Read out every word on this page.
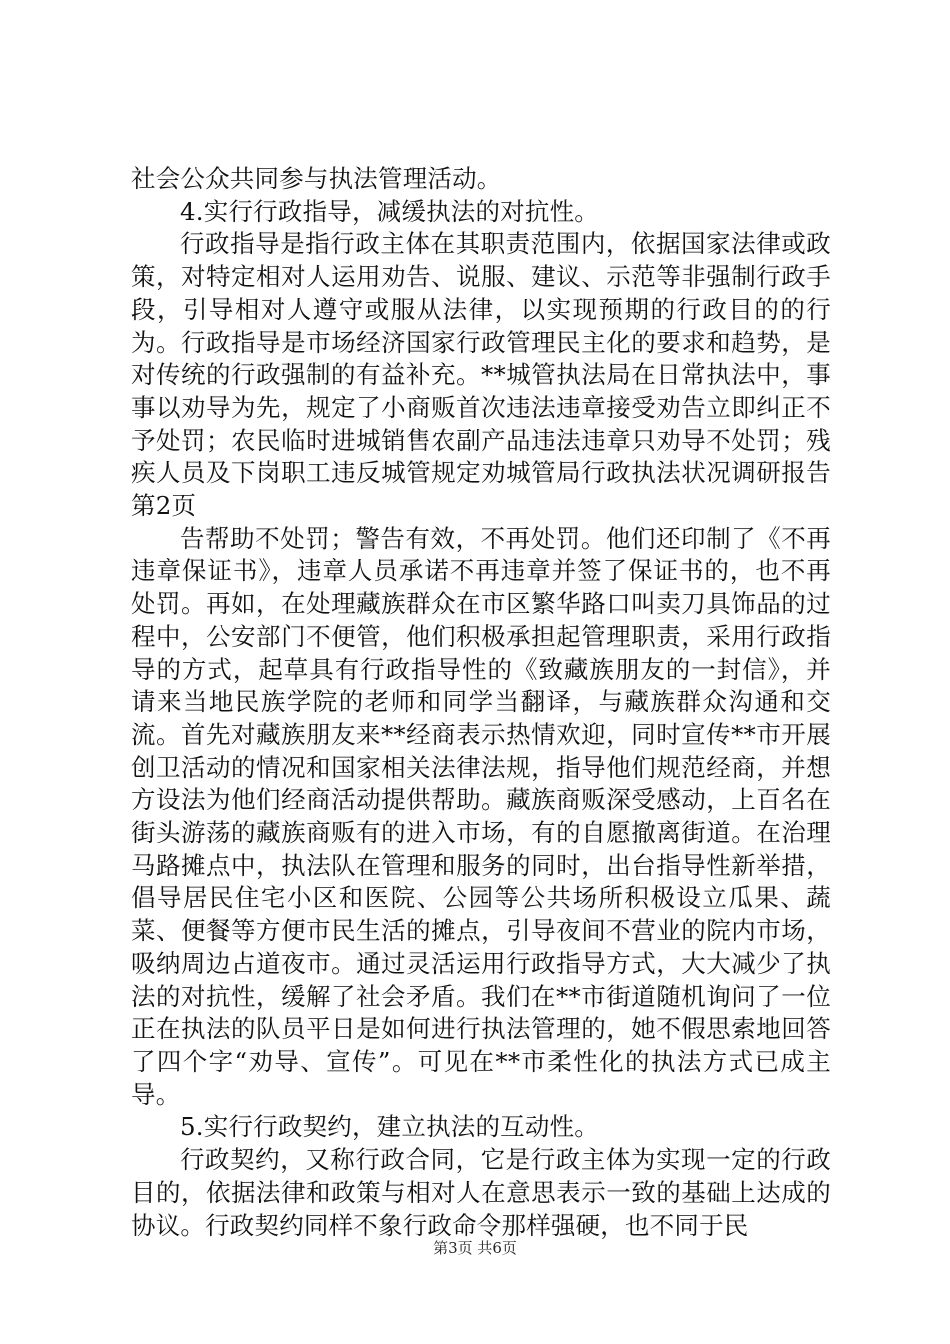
社会公众共同参与执法管理活动。

4.实行行政指导，减缓执法的对抗性。

行政指导是指行政主体在其职责范围内，依据国家法律或政策，对特定相对人运用劝告、说服、建议、示范等非强制行政手段，引导相对人遵守或服从法律，以实现预期的行政目的的行为。行政指导是市场经济国家行政管理民主化的要求和趋势，是对传统的行政强制的有益补充。**城管执法局在日常执法中，事事以劝导为先，规定了小商贩首次违法违章接受劝告立即纠正不予处罚；农民临时进城销售农副产品违法违章只劝导不处罚；残疾人员及下岗职工违反城管规定劝城管局行政执法状况调研报告第2页

告帮助不处罚；警告有效，不再处罚。他们还印制了《不再违章保证书》，违章人员承诺不再违章并签了保证书的，也不再处罚。再如，在处理藏族群众在市区繁华路口叫卖刀具饰品的过程中，公安部门不便管，他们积极承担起管理职责，采用行政指导的方式，起草具有行政指导性的《致藏族朋友的一封信》，并请来当地民族学院的老师和同学当翻译，与藏族群众沟通和交流。首先对藏族朋友来**经商表示热情欢迎，同时宣传**市开展创卫活动的情况和国家相关法律法规，指导他们规范经商，并想方设法为他们经商活动提供帮助。藏族商贩深受感动，上百名在街头游荡的藏族商贩有的进入市场，有的自愿撤离街道。在治理马路摊点中，执法队在管理和服务的同时，出台指导性新举措，倡导居民住宅小区和医院、公园等公共场所积极设立瓜果、蔬菜、便餐等方便市民生活的摊点，引导夜间不营业的院内市场，吸纳周边占道夜市。通过灵活运用行政指导方式，大大减少了执法的对抗性，缓解了社会矛盾。我们在**市街道随机询问了一位正在执法的队员平日是如何进行执法管理的，她不假思索地回答了四个字“劝导、宣传”。可见在**市柔性化的执法方式已成主导。

5.实行行政契约，建立执法的互动性。

行政契约，又称行政合同，它是行政主体为实现一定的行政目的，依据法律和政策与相对人在意思表示一致的基础上达成的协议。行政契约同样不象行政命令那样强硬，也不同于民

第3页 共6页
